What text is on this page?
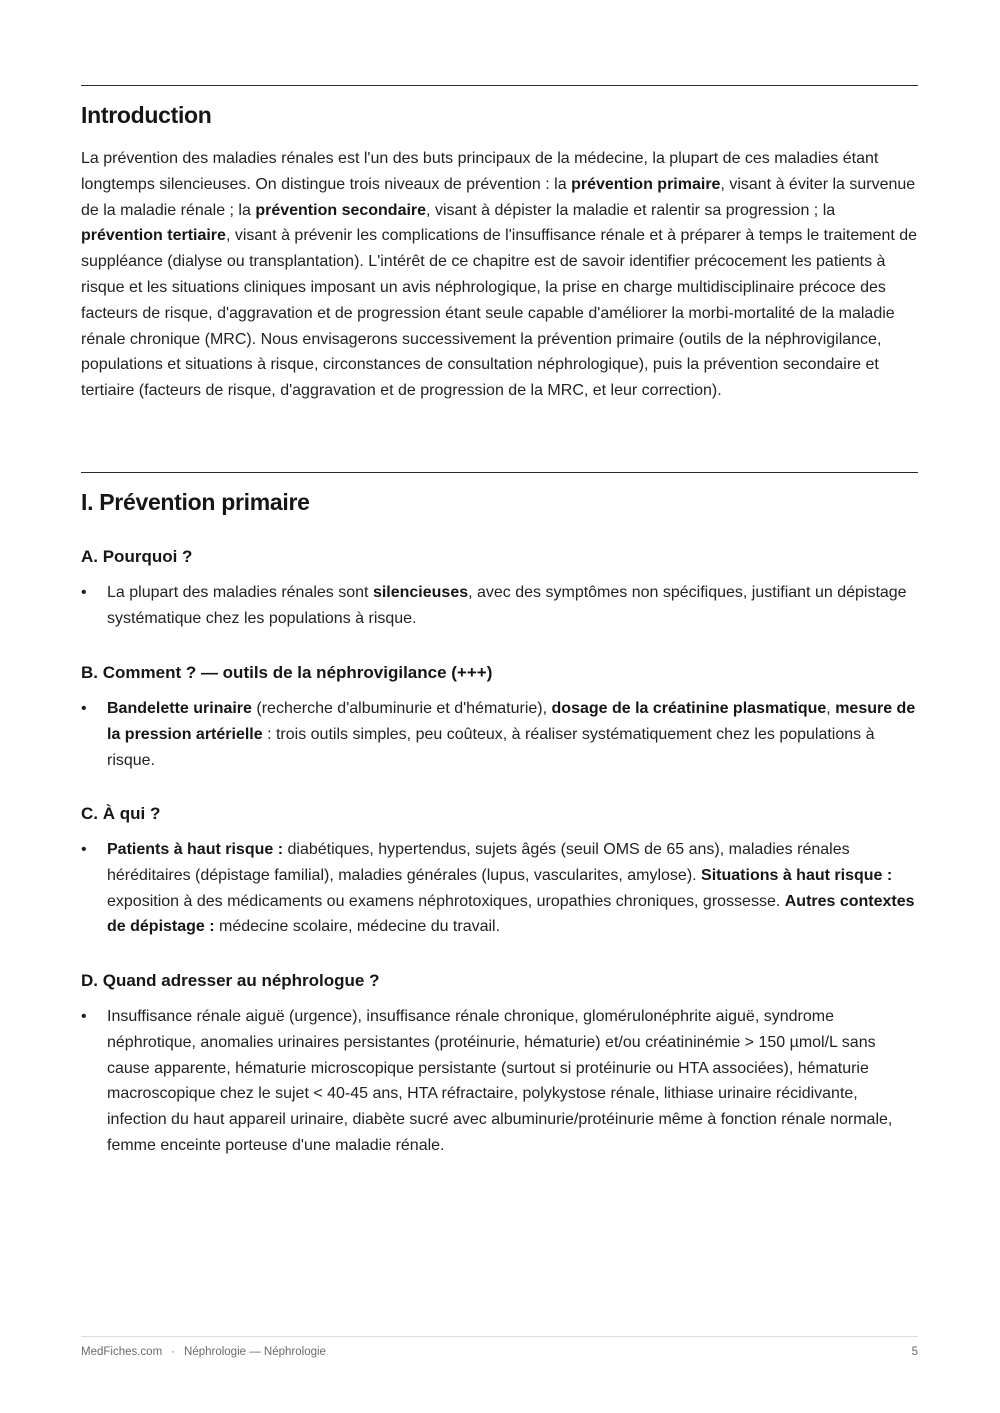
Introduction

La prévention des maladies rénales est l'un des buts principaux de la médecine, la plupart de ces maladies étant longtemps silencieuses. On distingue trois niveaux de prévention : la prévention primaire, visant à éviter la survenue de la maladie rénale ; la prévention secondaire, visant à dépister la maladie et ralentir sa progression ; la prévention tertiaire, visant à prévenir les complications de l'insuffisance rénale et à préparer à temps le traitement de suppléance (dialyse ou transplantation). L'intérêt de ce chapitre est de savoir identifier précocement les patients à risque et les situations cliniques imposant un avis néphrologique, la prise en charge multidisciplinaire précoce des facteurs de risque, d'aggravation et de progression étant seule capable d'améliorer la morbi-mortalité de la maladie rénale chronique (MRC). Nous envisagerons successivement la prévention primaire (outils de la néphrovigilance, populations et situations à risque, circonstances de consultation néphrologique), puis la prévention secondaire et tertiaire (facteurs de risque, d'aggravation et de progression de la MRC, et leur correction).

I. Prévention primaire
A. Pourquoi ?
• La plupart des maladies rénales sont silencieuses, avec des symptômes non spécifiques, justifiant un dépistage systématique chez les populations à risque.
B. Comment ? — outils de la néphrovigilance (+++)
• Bandelette urinaire (recherche d'albuminurie et d'hématurie), dosage de la créatinine plasmatique, mesure de la pression artérielle : trois outils simples, peu coûteux, à réaliser systématiquement chez les populations à risque.
C. À qui ?
• Patients à haut risque : diabétiques, hypertendus, sujets âgés (seuil OMS de 65 ans), maladies rénales héréditaires (dépistage familial), maladies générales (lupus, vascularites, amylose). Situations à haut risque : exposition à des médicaments ou examens néphrotoxiques, uropathies chroniques, grossesse. Autres contextes de dépistage : médecine scolaire, médecine du travail.
D. Quand adresser au néphrologue ?
• Insuffisance rénale aiguë (urgence), insuffisance rénale chronique, glomérulonéphrite aiguë, syndrome néphrotique, anomalies urinaires persistantes (protéinurie, hématurie) et/ou créatininémie > 150 µmol/L sans cause apparente, hématurie microscopique persistante (surtout si protéinurie ou HTA associées), hématurie macroscopique chez le sujet < 40-45 ans, HTA réfractaire, polykystose rénale, lithiase urinaire récidivante, infection du haut appareil urinaire, diabète sucré avec albuminurie/protéinurie même à fonction rénale normale, femme enceinte porteuse d'une maladie rénale.
MedFiches.com · Néphrologie — Néphrologie	5
